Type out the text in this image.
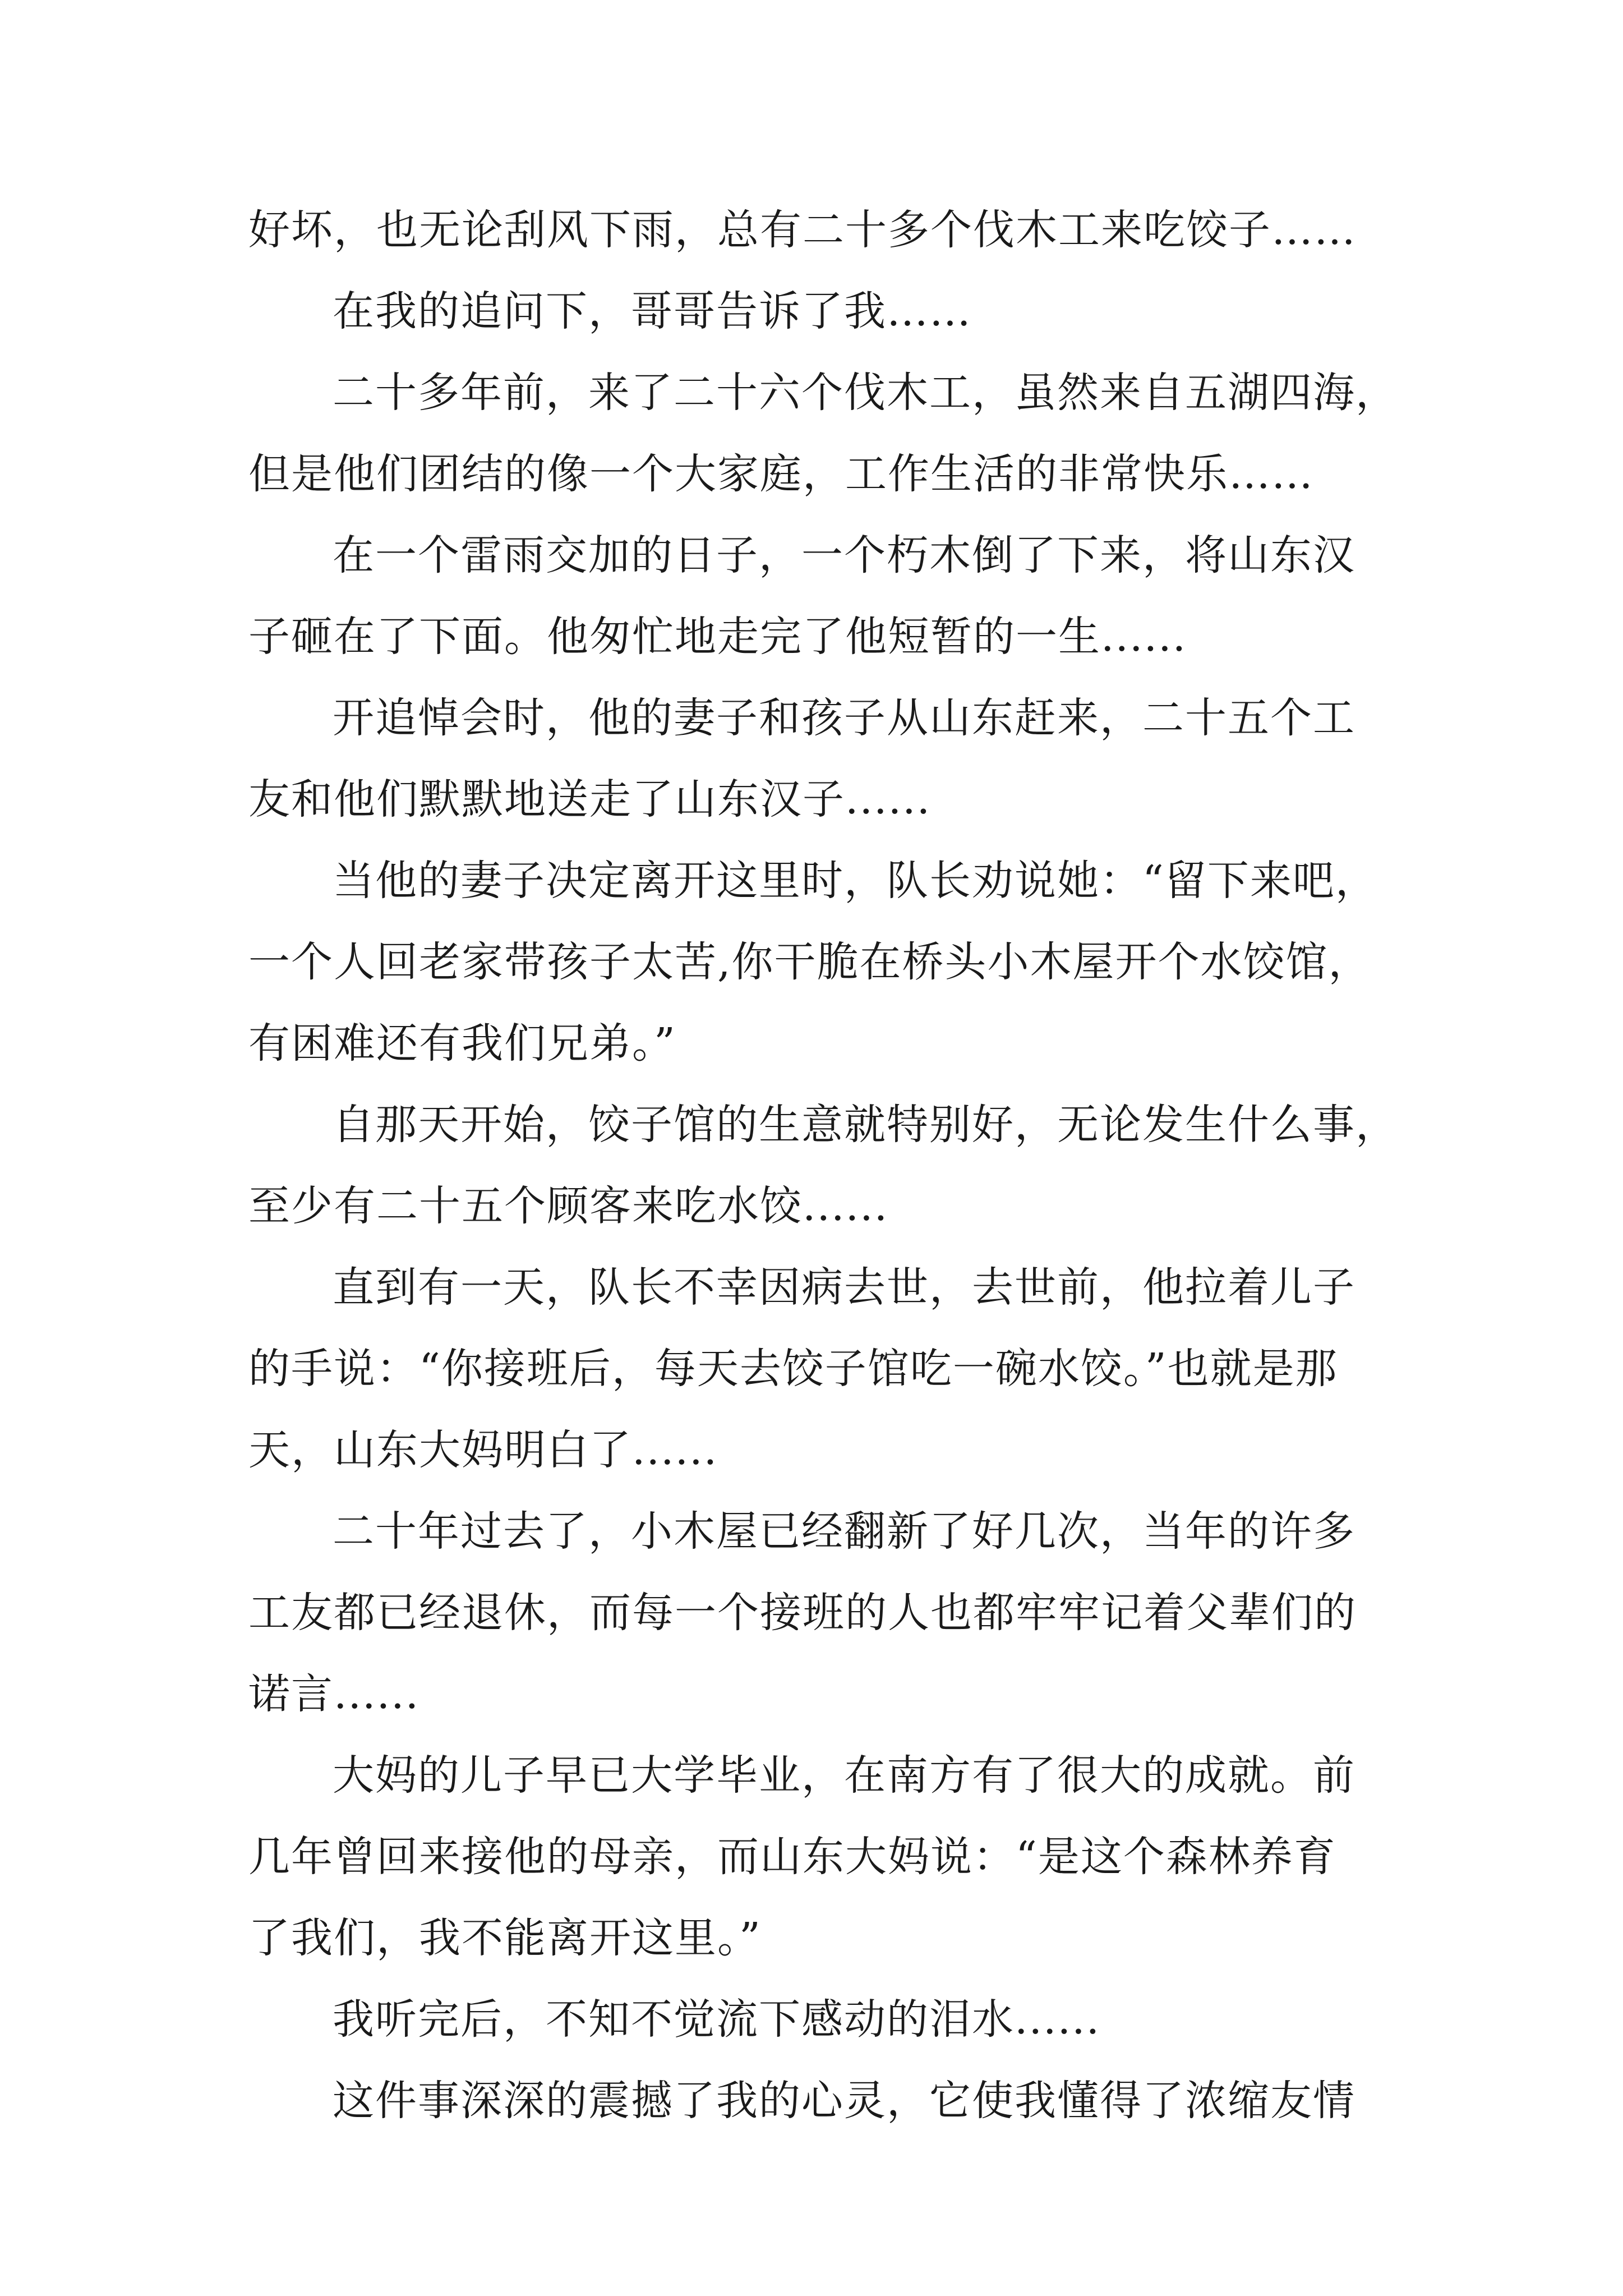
好坏，也无论刮风下雨，总有二十多个伐木工来吃饺子……
在我的追问下，哥哥告诉了我……
二十多年前，来了二十六个伐木工，虽然来自五湖四海，
但是他们团结的像一个大家庭，工作生活的非常快乐……
在一个雷雨交加的日子，一个朽木倒了下来，将山东汉
子砸在了下面。他匆忙地走完了他短暂的一生......
开追悼会时，他的妻子和孩子从山东赶来，二十五个工
友和他们默默地送走了山东汉子......
当他的妻子决定离开这里时，队长劝说她：“留下来吧，
一个人回老家带孩子太苦,你干脆在桥头小木屋开个水饺馆，
有困难还有我们兄弟。”
自那天开始，饺子馆的生意就特别好，无论发生什么事，
至少有二十五个顾客来吃水饺......
直到有一天，队长不幸因病去世，去世前，他拉着儿子
的手说：“你接班后，每天去饺子馆吃一碗水饺。”也就是那
天，山东大妈明白了......
二十年过去了，小木屋已经翻新了好几次，当年的许多
工友都已经退休，而每一个接班的人也都牢牢记着父辈们的
诺言......
大妈的儿子早已大学毕业，在南方有了很大的成就。前
几年曾回来接他的母亲，而山东大妈说：“是这个森林养育
了我们，我不能离开这里。”
我听完后，不知不觉流下感动的泪水......
这件事深深的震撼了我的心灵，它使我懂得了浓缩友情
